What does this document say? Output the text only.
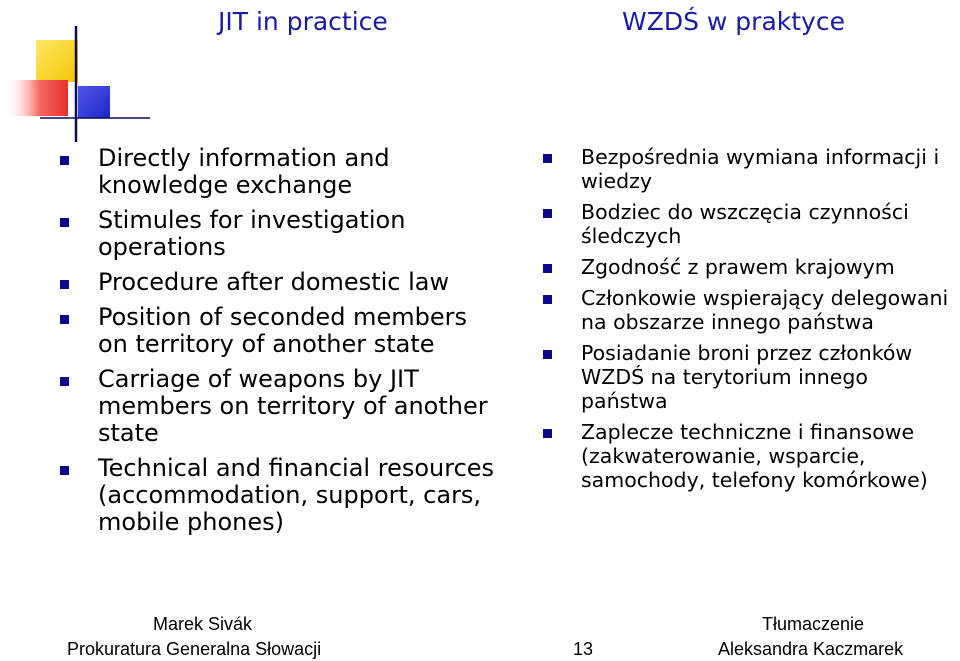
JIT in practice	WZDŚ w praktyce
Directly information and knowledge exchange
Stimules for investigation operations
Procedure after domestic law
Position of seconded members on territory of another state
Carriage of weapons by JIT members on territory of another state
Technical and financial resources (accommodation, support, cars, mobile phones)
Bezpośrednia wymiana informacji i wiedzy
Bodziec do wszczęcia czynności śledczych
Zgodność z prawem krajowym
Członkowie wspierający delegowani na obszarze innego państwa
Posiadanie broni przez członków WZDŚ na terytorium innego państwa
Zaplecze techniczne i finansowe (zakwaterowanie, wsparcie, samochody, telefony komórkowe)
Marek Sivák
Prokuratura Generalna Słowacji	13
Tłumaczenie
Aleksandra Kaczmarek
